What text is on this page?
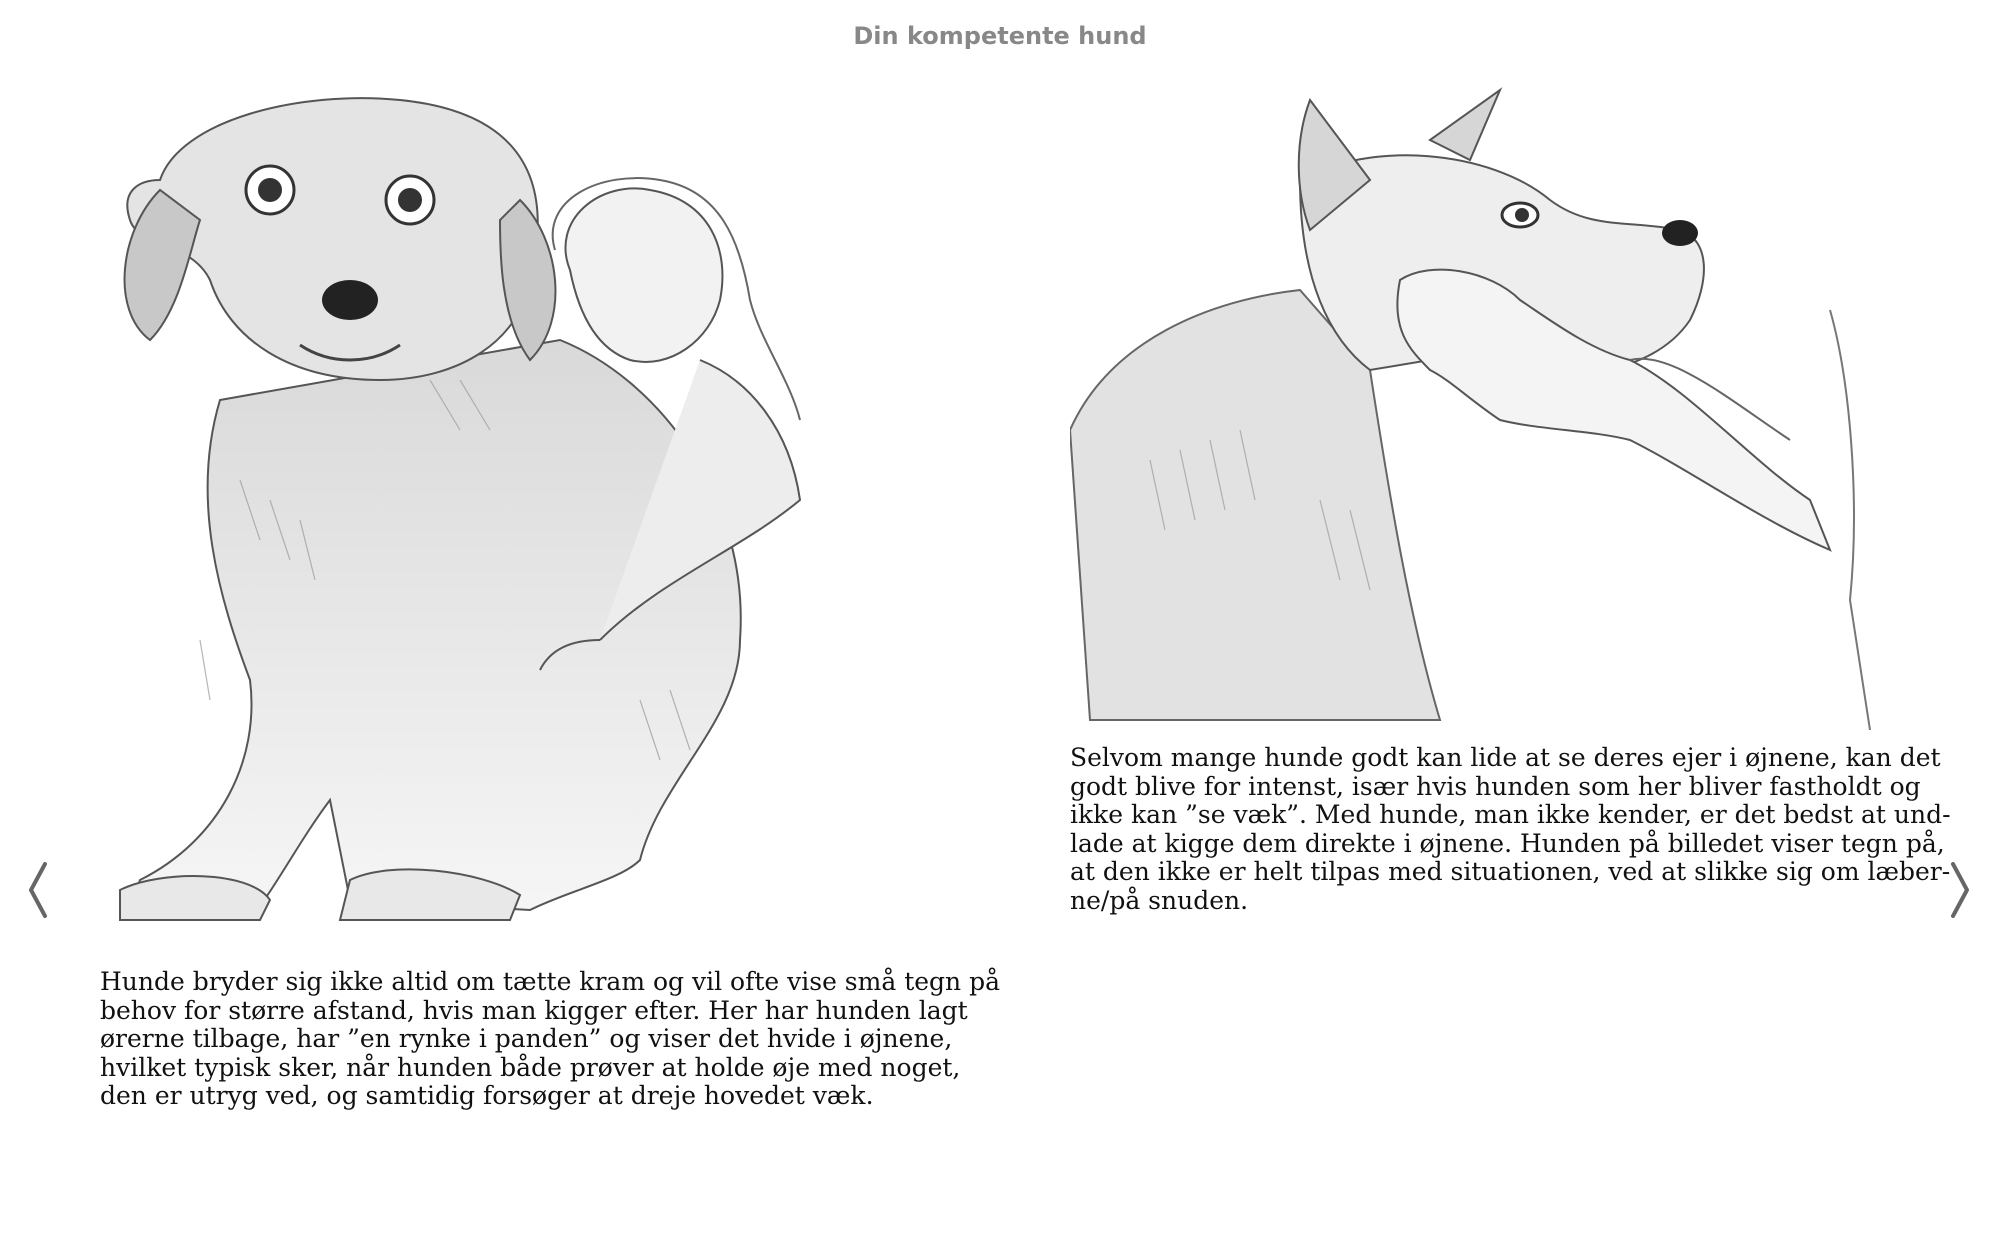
Din kompetente hund

Hunde bryder sig ikke altid om tætte kram og vil ofte vise små tegn på
behov for større afstand, hvis man kigger efter. Her har hunden lagt
ørerne tilbage, har ”en rynke i panden” og viser det hvide i øjnene,
hvilket typisk sker, når hunden både prøver at holde øje med noget,
den er utryg ved, og samtidig forsøger at dreje hovedet væk.

Selvom mange hunde godt kan lide at se deres ejer i øjnene, kan det
godt blive for intenst, især hvis hunden som her bliver fastholdt og
ikke kan ”se væk”. Med hunde, man ikke kender, er det bedst at und-
lade at kigge dem direkte i øjnene. Hunden på billedet viser tegn på,
at den ikke er helt tilpas med situationen, ved at slikke sig om læber-
ne/på snuden.
